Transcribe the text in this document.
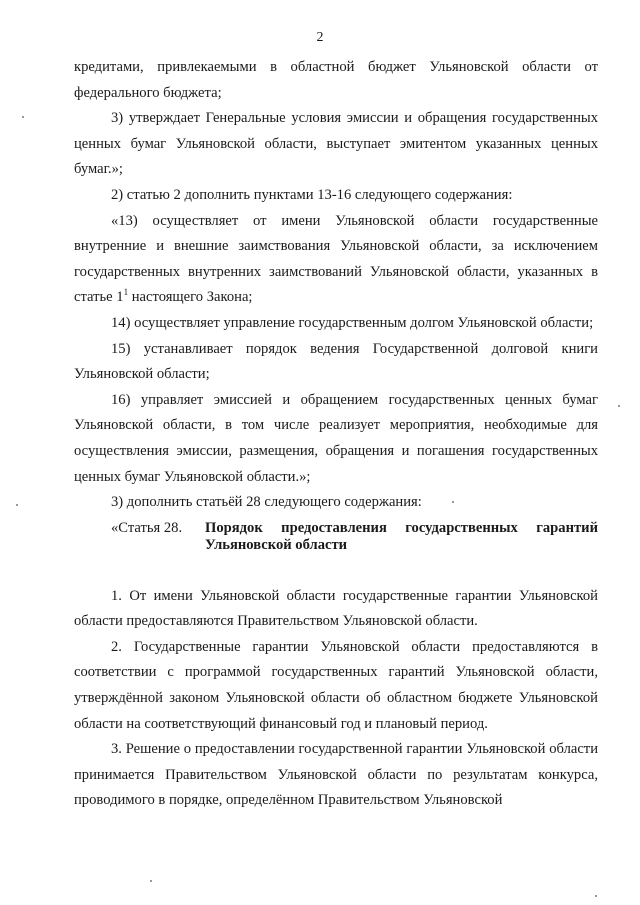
2

кредитами, привлекаемыми в областной бюджет Ульяновской области от федерального бюджета;

3) утверждает Генеральные условия эмиссии и обращения государственных ценных бумаг Ульяновской области, выступает эмитентом указанных ценных бумаг.»;

2) статью 2 дополнить пунктами 13-16 следующего содержания:

«13) осуществляет от имени Ульяновской области государственные внутренние и внешние заимствования Ульяновской области, за исключением государственных внутренних заимствований Ульяновской области, указанных в статье $1^1$ настоящего Закона;

14) осуществляет управление государственным долгом Ульяновской области;

15) устанавливает порядок ведения Государственной долговой книги Ульяновской области;

16) управляет эмиссией и обращением государственных ценных бумаг Ульяновской области, в том числе реализует мероприятия, необходимые для осуществления эмиссии, размещения, обращения и погашения государственных ценных бумаг Ульяновской области.»;

3) дополнить статьёй 28 следующего содержания:

«Статья 28.	Порядок предоставления государственных гарантий Ульяновской области

1. От имени Ульяновской области государственные гарантии Ульяновской области предоставляются Правительством Ульяновской области.

2. Государственные гарантии Ульяновской области предоставляются в соответствии с программой государственных гарантий Ульяновской области, утверждённой законом Ульяновской области об областном бюджете Ульяновской области на соответствующий финансовый год и плановый период.

3. Решение о предоставлении государственной гарантии Ульяновской области принимается Правительством Ульяновской области по результатам конкурса, проводимого в порядке, определённом Правительством Ульяновской
